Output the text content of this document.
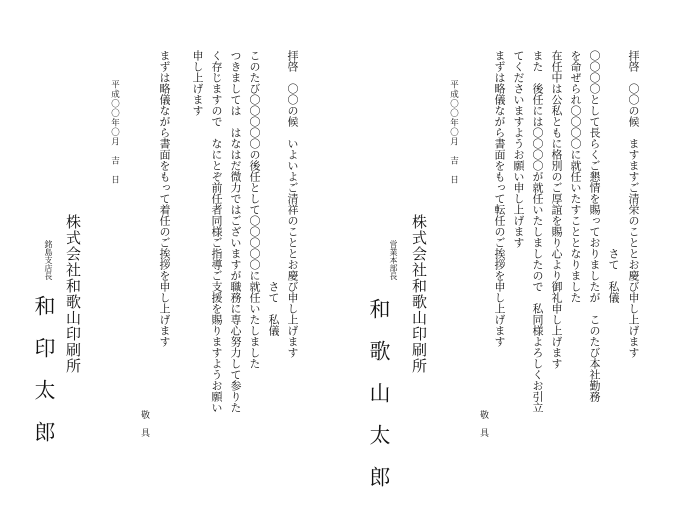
拝啓　〇〇の候　ますますご清栄のこととお慶び申し上げます
　　　　　　　　　　　　　　　　　　さて　私儀
〇〇〇〇として長らくご懇情を賜っておりましたが　このたび本社勤務
を命ぜられ〇〇〇〇に就任いたすこととなりました
在任中は公私ともに格別のご厚誼を賜り心より御礼申し上げます
また　後任には〇〇〇〇が就任いたしましたので　私同様よろしくお引立
てくださいますようお願い申し上げます
まずは略儀ながら書面をもって転任のご挨拶を申し上げます
敬　具
平成〇〇年〇月　吉　日
株式会社和歌山印刷所
営業本部長
和　歌　山　太　郎
拝啓　〇〇の候　いよいよご清祥のこととお慶び申し上げます
　　　　　　　　　　　　　　　　　　　　　さて　私儀
このたび〇〇〇〇〇の後任として〇〇〇〇〇に就任いたしました
つきましては　はなはだ微力ではございますが職務に専心努力して参りた
く存じますので　なにとぞ前任者同様ご指導ご支援を賜りますようお願い
申し上げます
まずは略儀ながら書面をもって着任のご挨拶を申し上げます
敬　具
平成〇〇年〇月　吉　日
株式会社和歌山印刷所
銘島支店長
和　印　太　郎
